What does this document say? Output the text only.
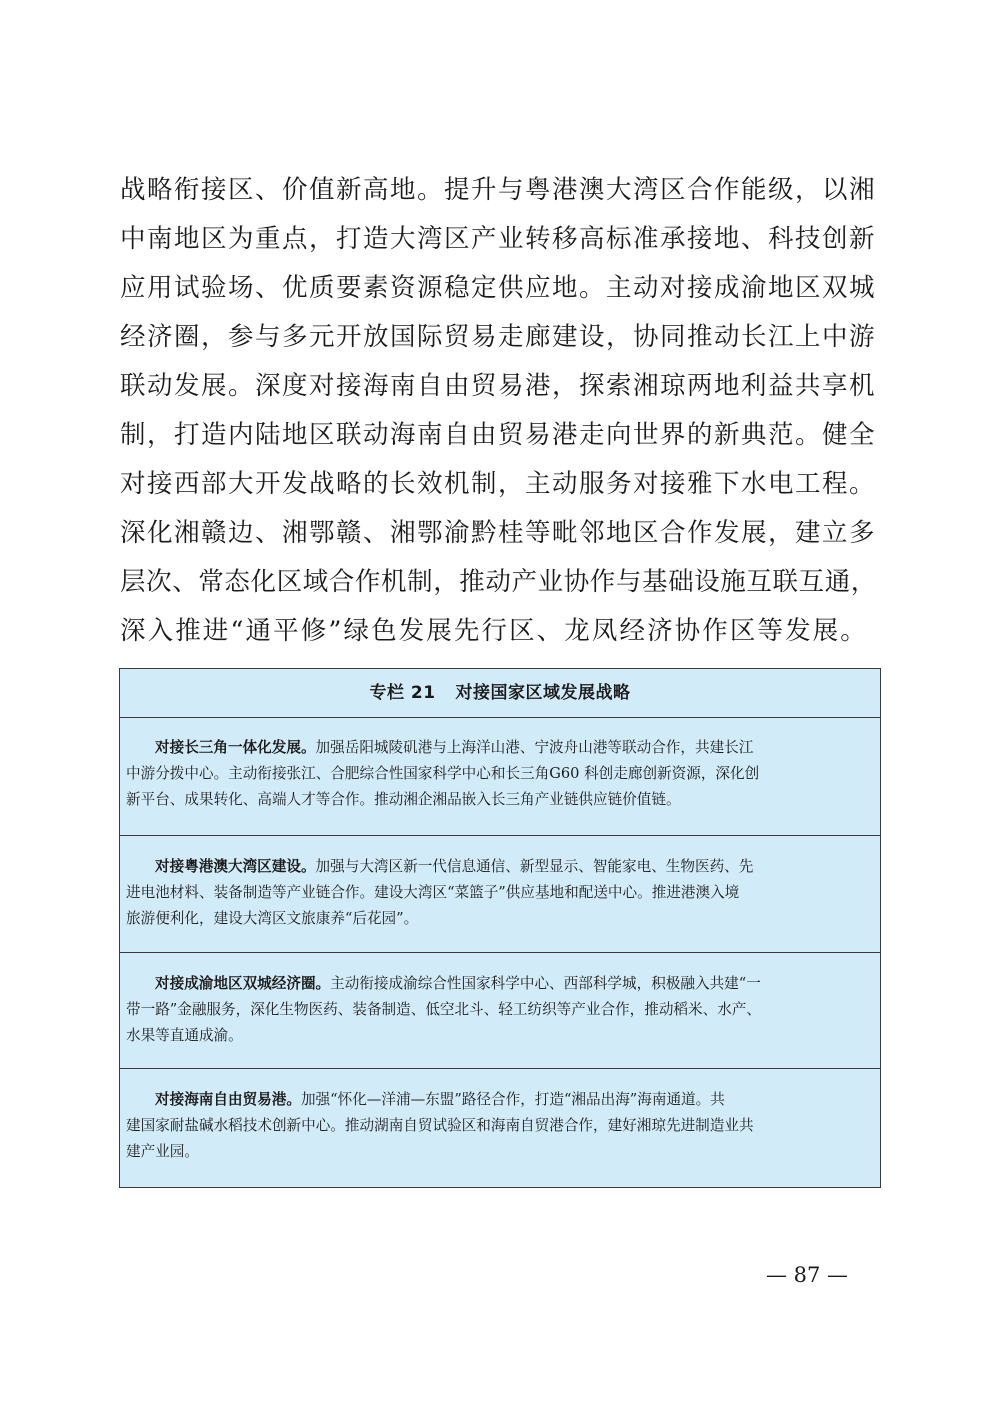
战略衔接区、价值新高地。提升与粤港澳大湾区合作能级，以湘
中南地区为重点，打造大湾区产业转移高标准承接地、科技创新
应用试验场、优质要素资源稳定供应地。主动对接成渝地区双城
经济圈，参与多元开放国际贸易走廊建设，协同推动长江上中游
联动发展。深度对接海南自由贸易港，探索湘琼两地利益共享机
制，打造内陆地区联动海南自由贸易港走向世界的新典范。健全
对接西部大开发战略的长效机制，主动服务对接雅下水电工程。
深化湘赣边、湘鄂赣、湘鄂渝黔桂等毗邻地区合作发展，建立多
层次、常态化区域合作机制，推动产业协作与基础设施互联互通，
深入推进“通平修”绿色发展先行区、龙凤经济协作区等发展。
专栏 21 对接国家区域发展战略
对接长三角一体化发展。加强岳阳城陵矶港与上海洋山港、宁波舟山港等联动合作，共建长江
中游分拨中心。主动衔接张江、合肥综合性国家科学中心和长三角G60 科创走廊创新资源，深化创
新平台、成果转化、高端人才等合作。推动湘企湘品嵌入长三角产业链供应链价值链。
对接粤港澳大湾区建设。加强与大湾区新一代信息通信、新型显示、智能家电、生物医药、先
进电池材料、装备制造等产业链合作。建设大湾区“菜篮子”供应基地和配送中心。推进港澳入境
旅游便利化，建设大湾区文旅康养“后花园”。
对接成渝地区双城经济圈。主动衔接成渝综合性国家科学中心、西部科学城，积极融入共建“一
带一路”金融服务，深化生物医药、装备制造、低空北斗、轻工纺织等产业合作，推动稻米、水产、
水果等直通成渝。
对接海南自由贸易港。加强“怀化—洋浦—东盟”路径合作，打造“湘品出海”海南通道。共
建国家耐盐碱水稻技术创新中心。推动湖南自贸试验区和海南自贸港合作，建好湘琼先进制造业共
建产业园。
— 87 —
